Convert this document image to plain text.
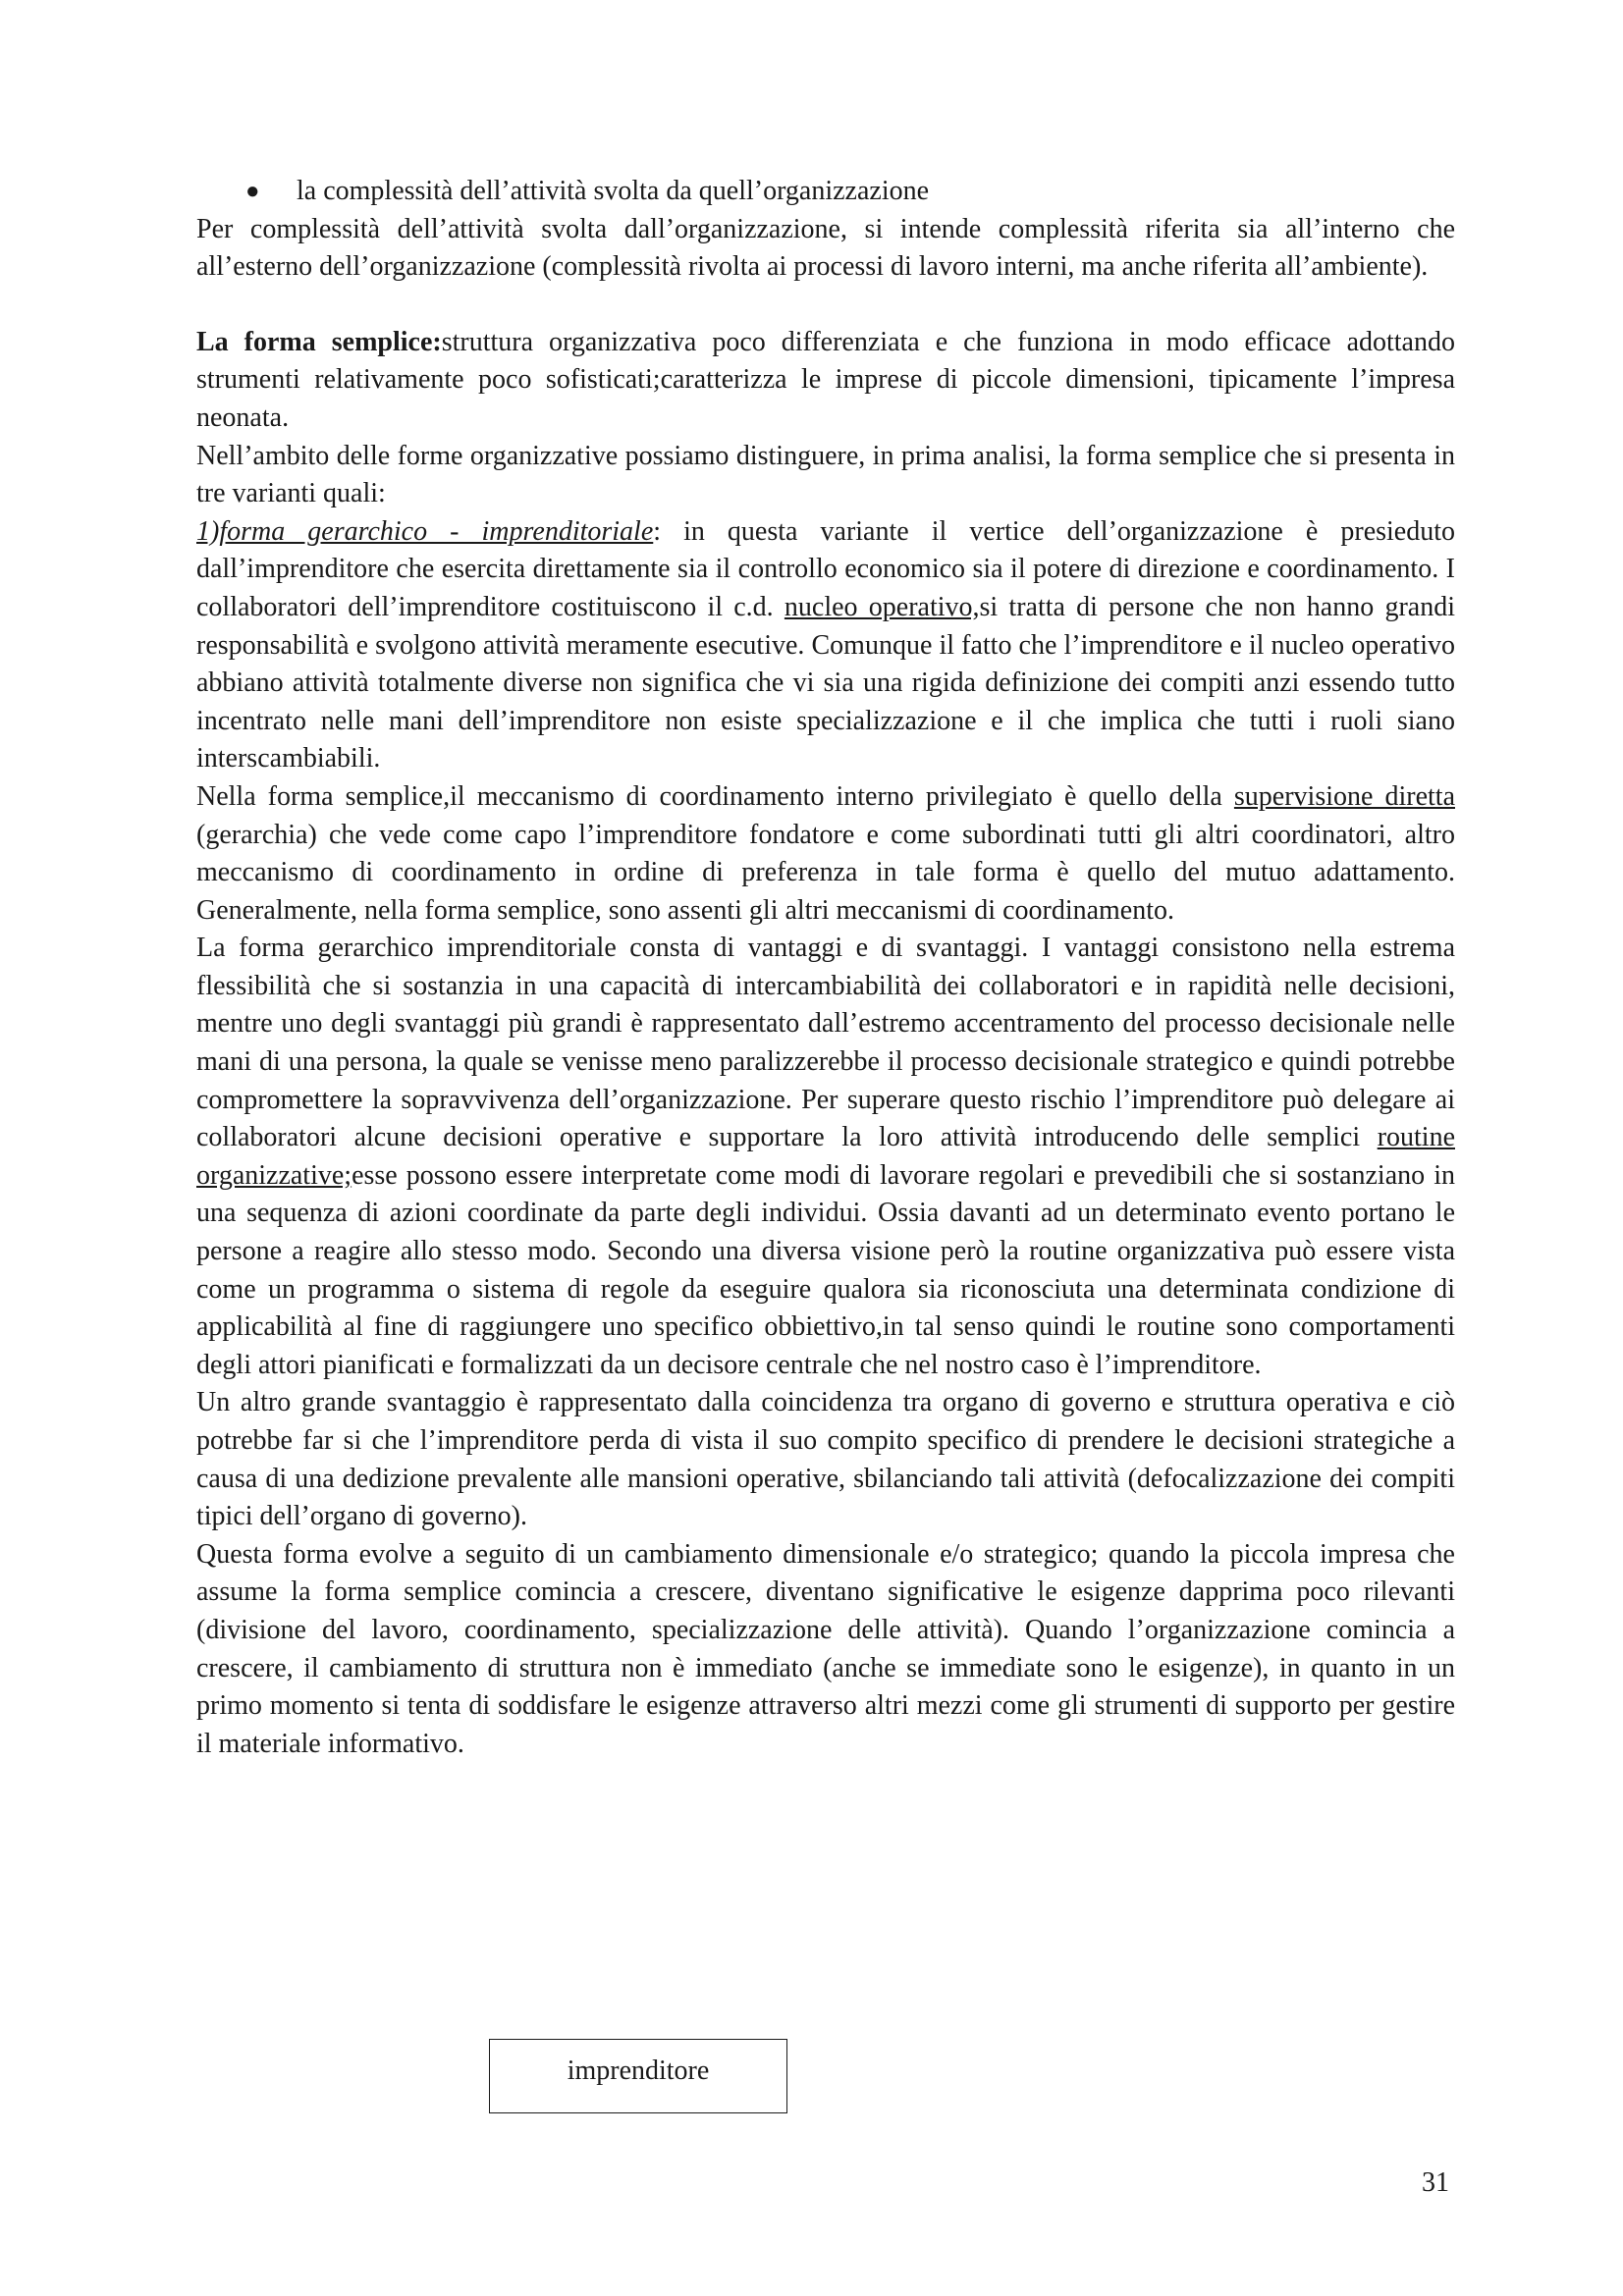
● la complessità dell’attività svolta da quell’organizzazione

Per complessità dell’attività svolta dall’organizzazione, si intende complessità riferita sia all’interno che all’esterno dell’organizzazione (complessità rivolta ai processi di lavoro interni, ma anche riferita all’ambiente).

La forma semplice:struttura organizzativa poco differenziata e che funziona in modo efficace adottando strumenti relativamente poco sofisticati;caratterizza le imprese di piccole dimensioni, tipicamente l’impresa neonata.

Nell’ambito delle forme organizzative possiamo distinguere, in prima analisi, la forma semplice che si presenta in tre varianti quali:

1)forma gerarchico - imprenditoriale: in questa variante il vertice dell’organizzazione è presieduto dall’imprenditore che esercita direttamente sia il controllo economico sia il potere di direzione e coordinamento. I collaboratori dell’imprenditore costituiscono il c.d. nucleo operativo,si tratta di persone che non hanno grandi responsabilità e svolgono attività meramente esecutive. Comunque il fatto che l’imprenditore e il nucleo operativo abbiano attività totalmente diverse non significa che vi sia una rigida definizione dei compiti anzi essendo tutto incentrato nelle mani dell’imprenditore non esiste specializzazione e il che implica che tutti i ruoli siano interscambiabili.

Nella forma semplice,il meccanismo di coordinamento interno privilegiato è quello della supervisione diretta (gerarchia) che vede come capo l’imprenditore fondatore e come subordinati tutti gli altri coordinatori, altro meccanismo di coordinamento in ordine di preferenza in tale forma è quello del mutuo adattamento. Generalmente, nella forma semplice, sono assenti gli altri meccanismi di coordinamento.

La forma gerarchico imprenditoriale consta di vantaggi e di svantaggi. I vantaggi consistono nella estrema flessibilità che si sostanzia in una capacità di intercambiabilità dei collaboratori e in rapidità nelle decisioni, mentre uno degli svantaggi più grandi è rappresentato dall’estremo accentramento del processo decisionale nelle mani di una persona, la quale se venisse meno paralizzerebbe il processo decisionale strategico e quindi potrebbe compromettere la sopravvivenza dell’organizzazione. Per superare questo rischio l’imprenditore può delegare ai collaboratori alcune decisioni operative e supportare la loro attività introducendo delle semplici routine organizzative;esse possono essere interpretate come modi di lavorare regolari e prevedibili che si sostanziano in una sequenza di azioni coordinate da parte degli individui. Ossia davanti ad un determinato evento portano le persone a reagire allo stesso modo. Secondo una diversa visione però la routine organizzativa può essere vista come un programma o sistema di regole da eseguire qualora sia riconosciuta una determinata condizione di applicabilità al fine di raggiungere uno specifico obbiettivo,in tal senso quindi le routine sono comportamenti degli attori pianificati e formalizzati da un decisore centrale che nel nostro caso è l’imprenditore.

Un altro grande svantaggio è rappresentato dalla coincidenza tra organo di governo e struttura operativa e ciò potrebbe far si che l’imprenditore perda di vista il suo compito specifico di prendere le decisioni strategiche a causa di una dedizione prevalente alle mansioni operative, sbilanciando tali attività (defocalizzazione dei compiti tipici dell’organo di governo).

Questa forma evolve a seguito di un cambiamento dimensionale e/o strategico; quando la piccola impresa che assume la forma semplice comincia a crescere, diventano significative le esigenze dapprima poco rilevanti (divisione del lavoro, coordinamento, specializzazione delle attività). Quando l’organizzazione comincia a crescere, il cambiamento di struttura non è immediato (anche se immediate sono le esigenze), in quanto in un primo momento si tenta di soddisfare le esigenze attraverso altri mezzi come gli strumenti di supporto per gestire il materiale informativo.

imprenditore
31
